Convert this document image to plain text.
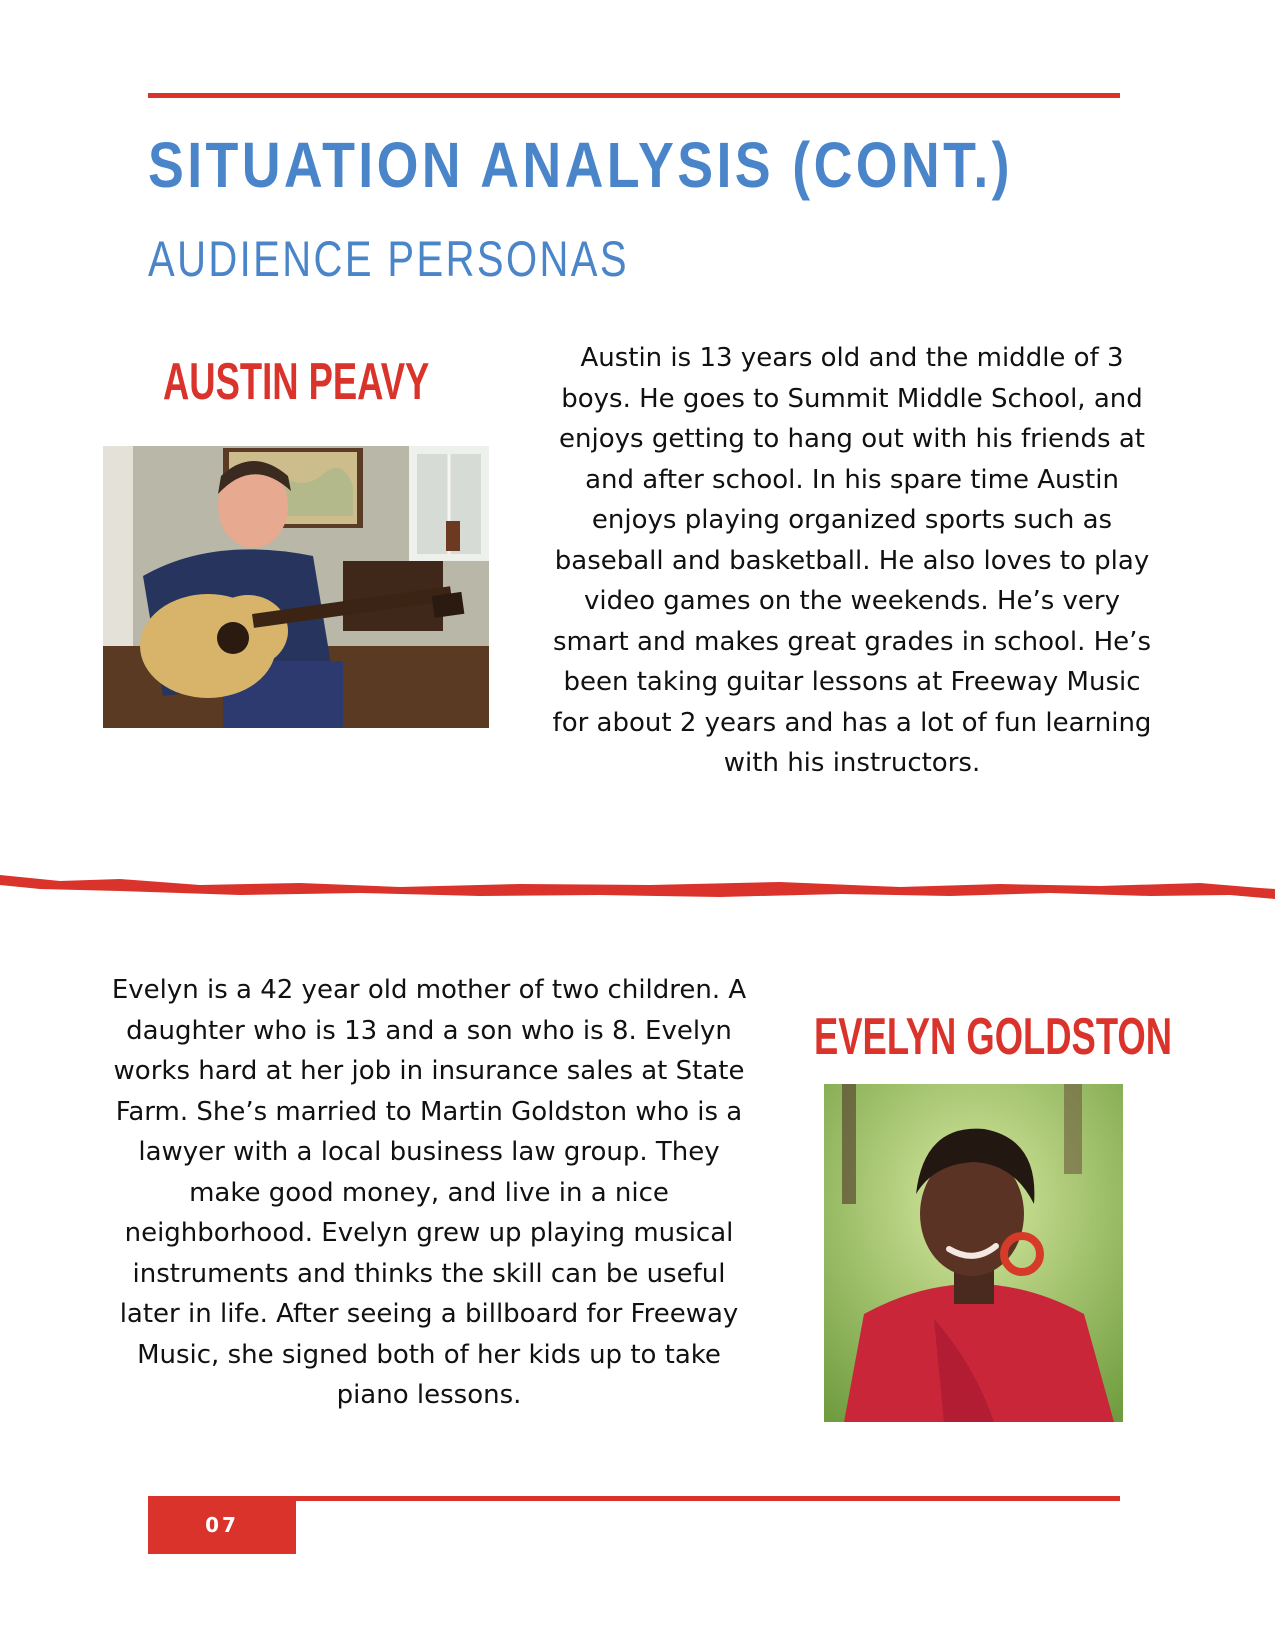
SITUATION ANALYSIS (CONT.)
AUDIENCE PERSONAS
AUSTIN PEAVY	Austin is 13 years old and the middle of 3 boys. He goes to Summit Middle School, and enjoys getting to hang out with his friends at and after school. In his spare time Austin enjoys playing organized sports such as baseball and basketball. He also loves to play video games on the weekends. He’s very smart and makes great grades in school. He’s been taking guitar lessons at Freeway Music for about 2 years and has a lot of fun learning with his instructors.
Evelyn is a 42 year old mother of two children. A daughter who is 13 and a son who is 8. Evelyn works hard at her job in insurance sales at State Farm. She’s married to Martin Goldston who is a lawyer with a local business law group. They make good money, and live in a nice neighborhood. Evelyn grew up playing musical instruments and thinks the skill can be useful later in life. After seeing a billboard for Freeway Music, she signed both of her kids up to take piano lessons.
EVELYN GOLDSTON
07
